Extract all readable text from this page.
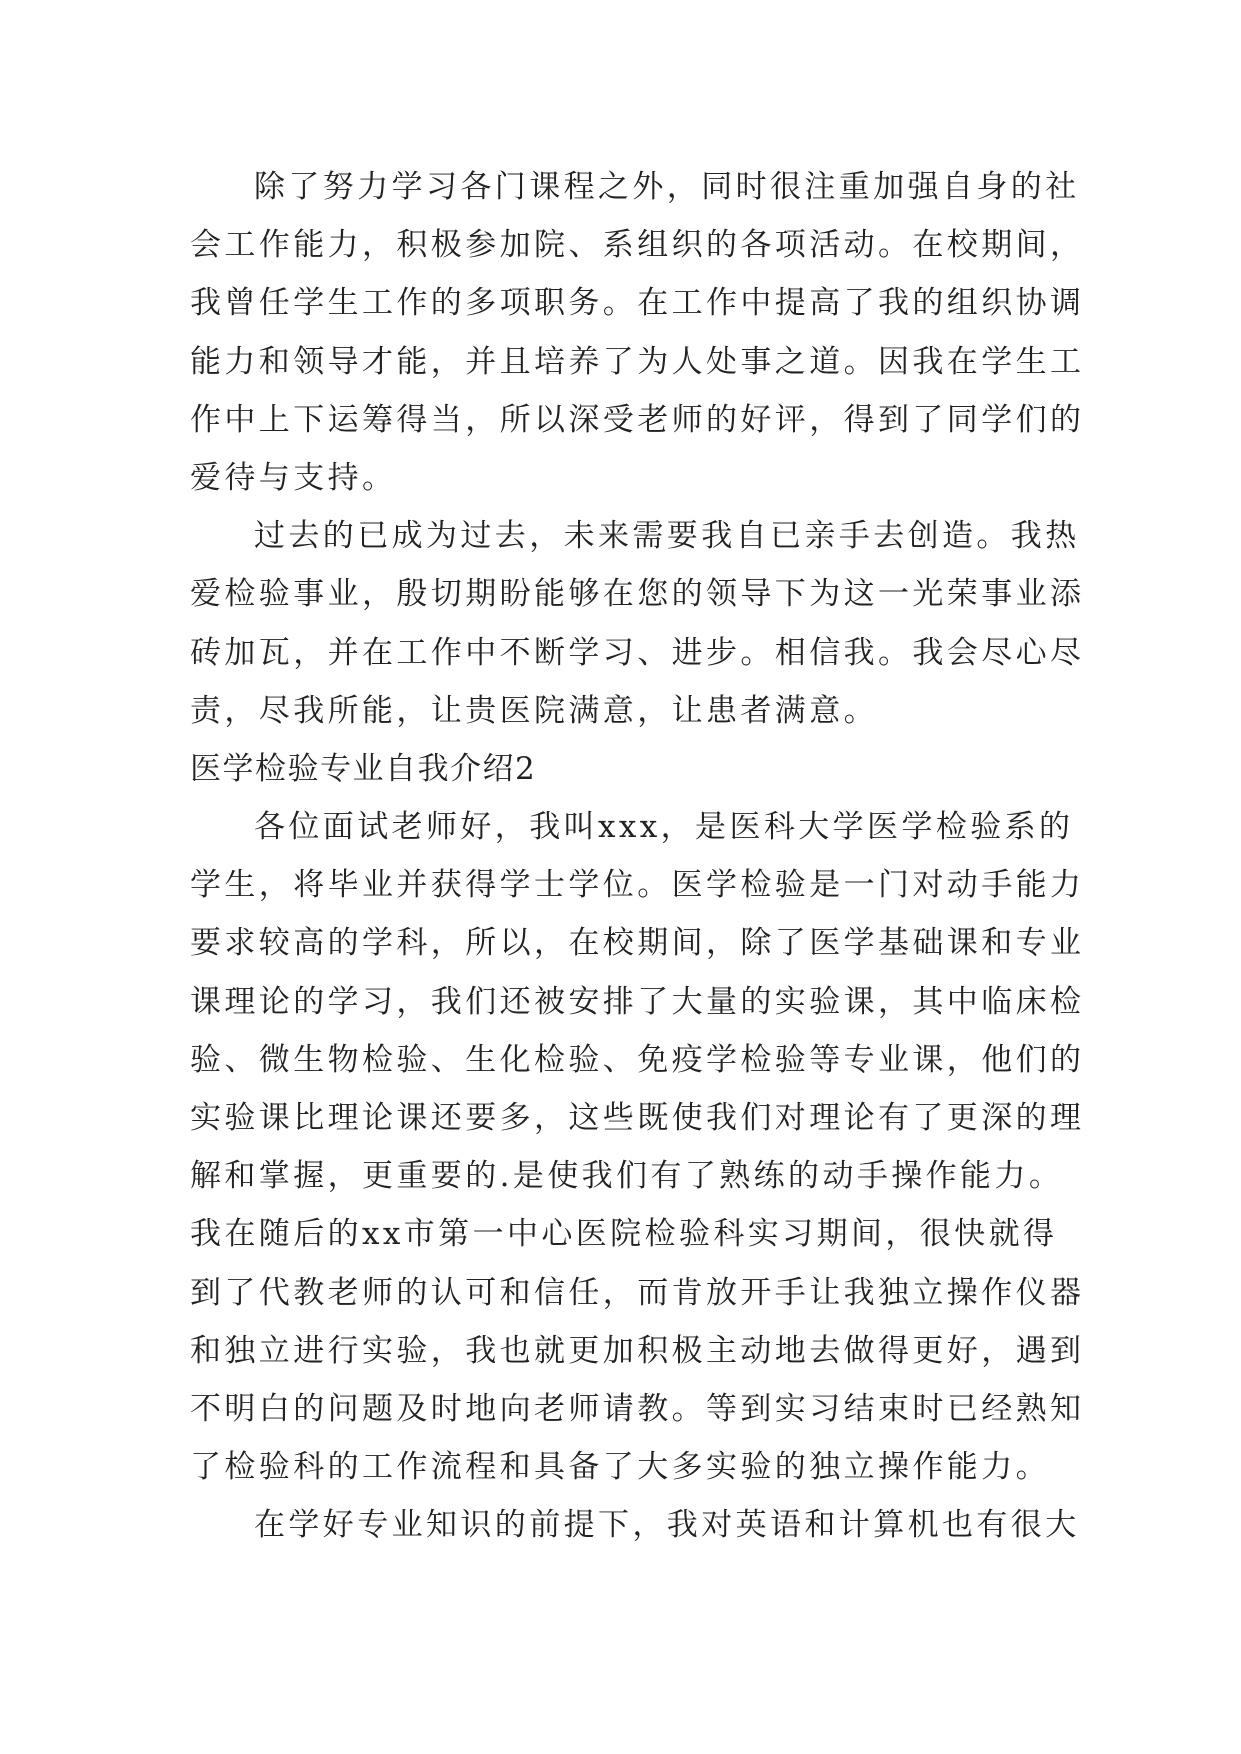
除了努力学习各门课程之外，同时很注重加强自身的社
会工作能力，积极参加院、系组织的各项活动。在校期间，
我曾任学生工作的多项职务。在工作中提高了我的组织协调
能力和领导才能，并且培养了为人处事之道。因我在学生工
作中上下运筹得当，所以深受老师的好评，得到了同学们的
爱待与支持。
过去的已成为过去，未来需要我自已亲手去创造。我热
爱检验事业，殷切期盼能够在您的领导下为这一光荣事业添
砖加瓦，并在工作中不断学习、进步。相信我。我会尽心尽
责，尽我所能，让贵医院满意，让患者满意。
医学检验专业自我介绍2
各位面试老师好，我叫xxx，是医科大学医学检验系的
学生，将毕业并获得学士学位。医学检验是一门对动手能力
要求较高的学科，所以，在校期间，除了医学基础课和专业
课理论的学习，我们还被安排了大量的实验课，其中临床检
验、微生物检验、生化检验、免疫学检验等专业课，他们的
实验课比理论课还要多，这些既使我们对理论有了更深的理
解和掌握，更重要的.是使我们有了熟练的动手操作能力。
我在随后的xx市第一中心医院检验科实习期间，很快就得
到了代教老师的认可和信任，而肯放开手让我独立操作仪器
和独立进行实验，我也就更加积极主动地去做得更好，遇到
不明白的问题及时地向老师请教。等到实习结束时已经熟知
了检验科的工作流程和具备了大多实验的独立操作能力。
在学好专业知识的前提下，我对英语和计算机也有很大
